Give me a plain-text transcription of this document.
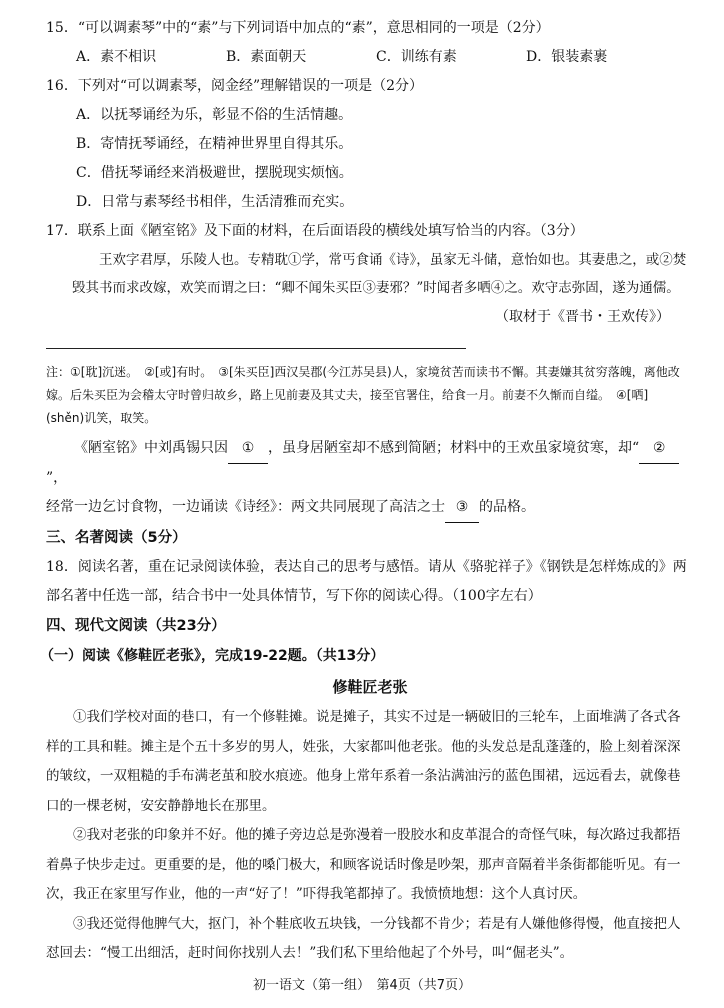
15．“可以调素琴”中的“素”与下列词语中加点的“素”，意思相同的一项是（2分）
A．素不相识	B．素面朝天	C．训练有素	D．银装素裹
16．下列对“可以调素琴，阅金经”理解错误的一项是（2分）
A．以抚琴诵经为乐，彰显不俗的生活情趣。
B．寄情抚琴诵经，在精神世界里自得其乐。
C．借抚琴诵经来消极避世，摆脱现实烦恼。
D．日常与素琴经书相伴，生活清雅而充实。
17．联系上面《陋室铭》及下面的材料，在后面语段的横线处填写恰当的内容。（3分）
王欢字君厚，乐陵人也。专精耽①学，常丐食诵《诗》，虽家无斗储，意怡如也。其妻患之，或②焚毁其书而求改嫁，欢笑而谓之曰：“卿不闻朱买臣③妻邪？”时闻者多哂④之。欢守志弥固，遂为通儒。
（取材于《晋书・王欢传》）
注：①[耽]沉迷。　②[或]有时。　③[朱买臣]西汉吴郡(今江苏吴县)人，家境贫苦而读书不懈。其妻嫌其贫穷落魄，离他改嫁。后朱买臣为会稽太守时曾归故乡，路上见前妻及其丈夫，接至官署住，给食一月。前妻不久惭而自缢。　④[哂](shěn)讥笑，取笑。
《陋室铭》中刘禹锡只因 ① ，虽身居陋室却不感到简陋；材料中的王欢虽家境贫寒，却“ ②”，
经常一边乞讨食物，一边诵读《诗经》：两文共同展现了高洁之士 ③ 的品格。
三、名著阅读（5分）
18．阅读名著，重在记录阅读体验，表达自己的思考与感悟。请从《骆驼祥子》《钢铁是怎样炼成的》两部名著中任选一部，结合书中一处具体情节，写下你的阅读心得。（100字左右）
四、现代文阅读（共23分）
（一）阅读《修鞋匠老张》，完成19-22题。（共13分）
修鞋匠老张
①我们学校对面的巷口，有一个修鞋摊。说是摊子，其实不过是一辆破旧的三轮车，上面堆满了各式各样的工具和鞋。摊主是个五十多岁的男人，姓张，大家都叫他老张。他的头发总是乱蓬蓬的，脸上刻着深深的皱纹，一双粗糙的手布满老茧和胶水痕迹。他身上常年系着一条沾满油污的蓝色围裙，远远看去，就像巷口的一棵老树，安安静静地长在那里。
②我对老张的印象并不好。他的摊子旁边总是弥漫着一股胶水和皮革混合的奇怪气味，每次路过我都捂着鼻子快步走过。更重要的是，他的嗓门极大，和顾客说话时像是吵架，那声音隔着半条街都能听见。有一次，我正在家里写作业，他的一声“好了！”吓得我笔都掉了。我愤愤地想：这个人真讨厌。
③我还觉得他脾气大，抠门，补个鞋底收五块钱，一分钱都不肯少；若是有人嫌他修得慢，他直接把人怼回去：“慢工出细活，赶时间你找别人去！”我们私下里给他起了个外号，叫“倔老头”。
初一语文（第一组）　第4页（共7页）
